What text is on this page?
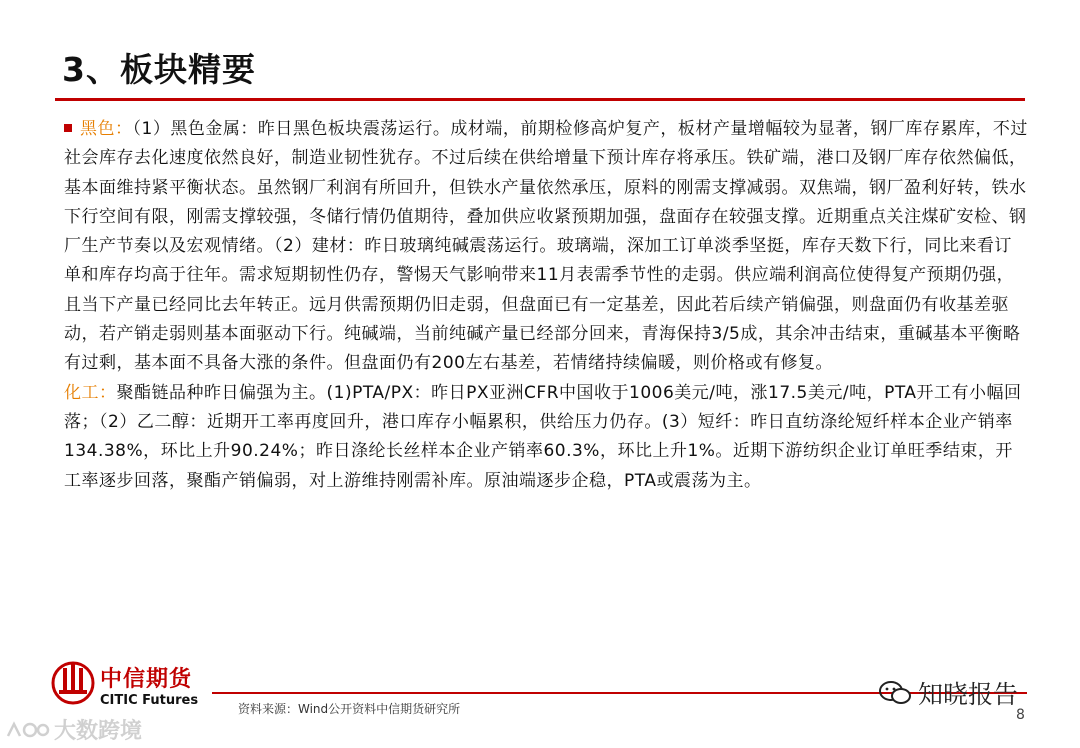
3、板块精要

黑色：（1）黑色金属：昨日黑色板块震荡运行。成材端，前期检修高炉复产，板材产量增幅较为显著，钢厂库存累库，不过社会库存去化速度依然良好，制造业韧性犹存。不过后续在供给增量下预计库存将承压。铁矿端，港口及钢厂库存依然偏低，基本面维持紧平衡状态。虽然钢厂利润有所回升，但铁水产量依然承压，原料的刚需支撑减弱。双焦端，钢厂盈利好转，铁水下行空间有限，刚需支撑较强，冬储行情仍值期待，叠加供应收紧预期加强，盘面存在较强支撑。近期重点关注煤矿安检、钢厂生产节奏以及宏观情绪。（2）建材：昨日玻璃纯碱震荡运行。玻璃端，深加工订单淡季坚挺，库存天数下行，同比来看订单和库存均高于往年。需求短期韧性仍存，警惕天气影响带来11月表需季节性的走弱。供应端利润高位使得复产预期仍强，且当下产量已经同比去年转正。远月供需预期仍旧走弱，但盘面已有一定基差，因此若后续产销偏强，则盘面仍有收基差驱动，若产销走弱则基本面驱动下行。纯碱端，当前纯碱产量已经部分回来，青海保持3/5成，其余冲击结束，重碱基本平衡略有过剩，基本面不具备大涨的条件。但盘面仍有200左右基差，若情绪持续偏暖，则价格或有修复。

化工：聚酯链品种昨日偏强为主。(1)PTA/PX：昨日PX亚洲CFR中国收于1006美元/吨，涨17.5美元/吨，PTA开工有小幅回落；（2）乙二醇：近期开工率再度回升，港口库存小幅累积，供给压力仍存。(3）短纤：昨日直纺涤纶短纤样本企业产销率134.38%，环比上升90.24%；昨日涤纶长丝样本企业产销率60.3%，环比上升1%。近期下游纺织企业订单旺季结束，开工率逐步回落，聚酯产销偏弱，对上游维持刚需补库。原油端逐步企稳，PTA或震荡为主。

中信期货
CITIC Futures
资料来源：Wind公开资料中信期货研究所	知晓报告
8
大数跨境
